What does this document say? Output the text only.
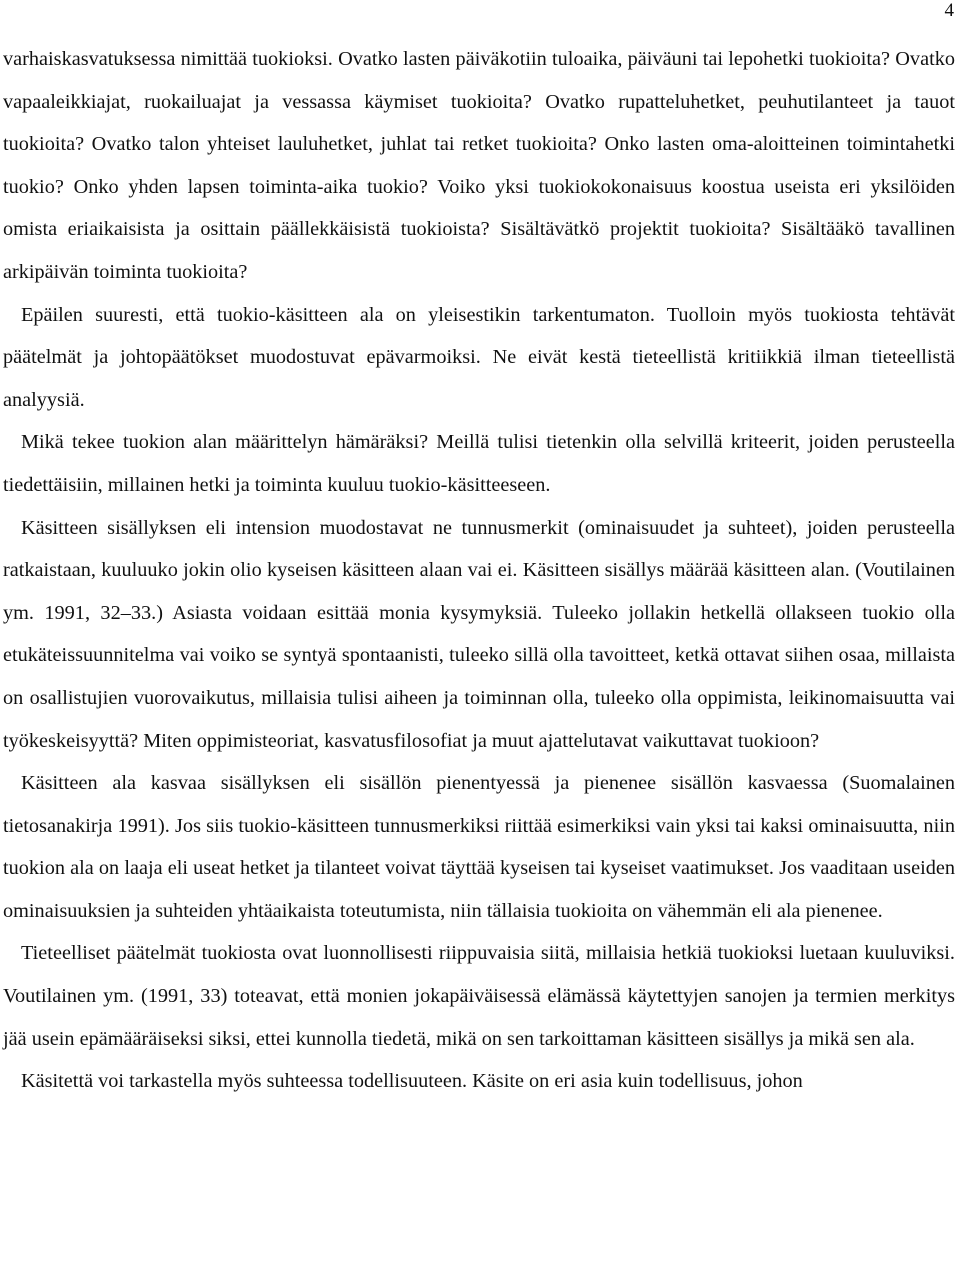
4

varhaiskasvatuksessa nimittää tuokioksi. Ovatko lasten päiväkotiin tuloaika, päiväuni tai lepohetki tuokioita? Ovatko vapaaleikkiajat, ruokailuajat ja vessassa käymiset tuokioita? Ovatko rupatteluhetket, peuhutilanteet ja tauot tuokioita? Ovatko talon yhteiset lauluhetket, juhlat tai retket tuokioita? Onko lasten oma-aloitteinen toimintahetki tuokio? Onko yhden lapsen toiminta-aika tuokio? Voiko yksi tuokiokokonaisuus koostua useista eri yksilöiden omista eriaikaisista ja osittain päällekkäisistä tuokioista? Sisältävätkö projektit tuokioita? Sisältääkö tavallinen arkipäivän toiminta tuokioita?

Epäilen suuresti, että tuokio-käsitteen ala on yleisestikin tarkentumaton. Tuolloin myös tuokiosta tehtävät päätelmät ja johtopäätökset muodostuvat epävarmoiksi. Ne eivät kestä tieteellistä kritiikkiä ilman tieteellistä analyysiä.

Mikä tekee tuokion alan määrittelyn hämäräksi? Meillä tulisi tietenkin olla selvillä kriteerit, joiden perusteella tiedettäisiin, millainen hetki ja toiminta kuuluu tuokio-käsitteeseen.

Käsitteen sisällyksen eli intension muodostavat ne tunnusmerkit (ominaisuudet ja suhteet), joiden perusteella ratkaistaan, kuuluuko jokin olio kyseisen käsitteen alaan vai ei. Käsitteen sisällys määrää käsitteen alan. (Voutilainen ym. 1991, 32–33.) Asiasta voidaan esittää monia kysymyksiä. Tuleeko jollakin hetkellä ollakseen tuokio olla etukäteissuunnitelma vai voiko se syntyä spontaanisti, tuleeko sillä olla tavoitteet, ketkä ottavat siihen osaa, millaista on osallistujien vuorovaikutus, millaisia tulisi aiheen ja toiminnan olla, tuleeko olla oppimista, leikinomaisuutta vai työkeskeisyyttä? Miten oppimisteoriat, kasvatusfilosofiat ja muut ajattelutavat vaikuttavat tuokioon?

Käsitteen ala kasvaa sisällyksen eli sisällön pienentyessä ja pienenee sisällön kasvaessa (Suomalainen tietosanakirja 1991). Jos siis tuokio-käsitteen tunnusmerkiksi riittää esimerkiksi vain yksi tai kaksi ominaisuutta, niin tuokion ala on laaja eli useat hetket ja tilanteet voivat täyttää kyseisen tai kyseiset vaatimukset. Jos vaaditaan useiden ominaisuuksien ja suhteiden yhtäaikaista toteutumista, niin tällaisia tuokioita on vähemmän eli ala pienenee.

Tieteelliset päätelmät tuokiosta ovat luonnollisesti riippuvaisia siitä, millaisia hetkiä tuokioksi luetaan kuuluviksi. Voutilainen ym. (1991, 33) toteavat, että monien jokapäiväisessä elämässä käytettyjen sanojen ja termien merkitys jää usein epämääräiseksi siksi, ettei kunnolla tiedetä, mikä on sen tarkoittaman käsitteen sisällys ja mikä sen ala.

Käsitettä voi tarkastella myös suhteessa todellisuuteen. Käsite on eri asia kuin todellisuus, johon
